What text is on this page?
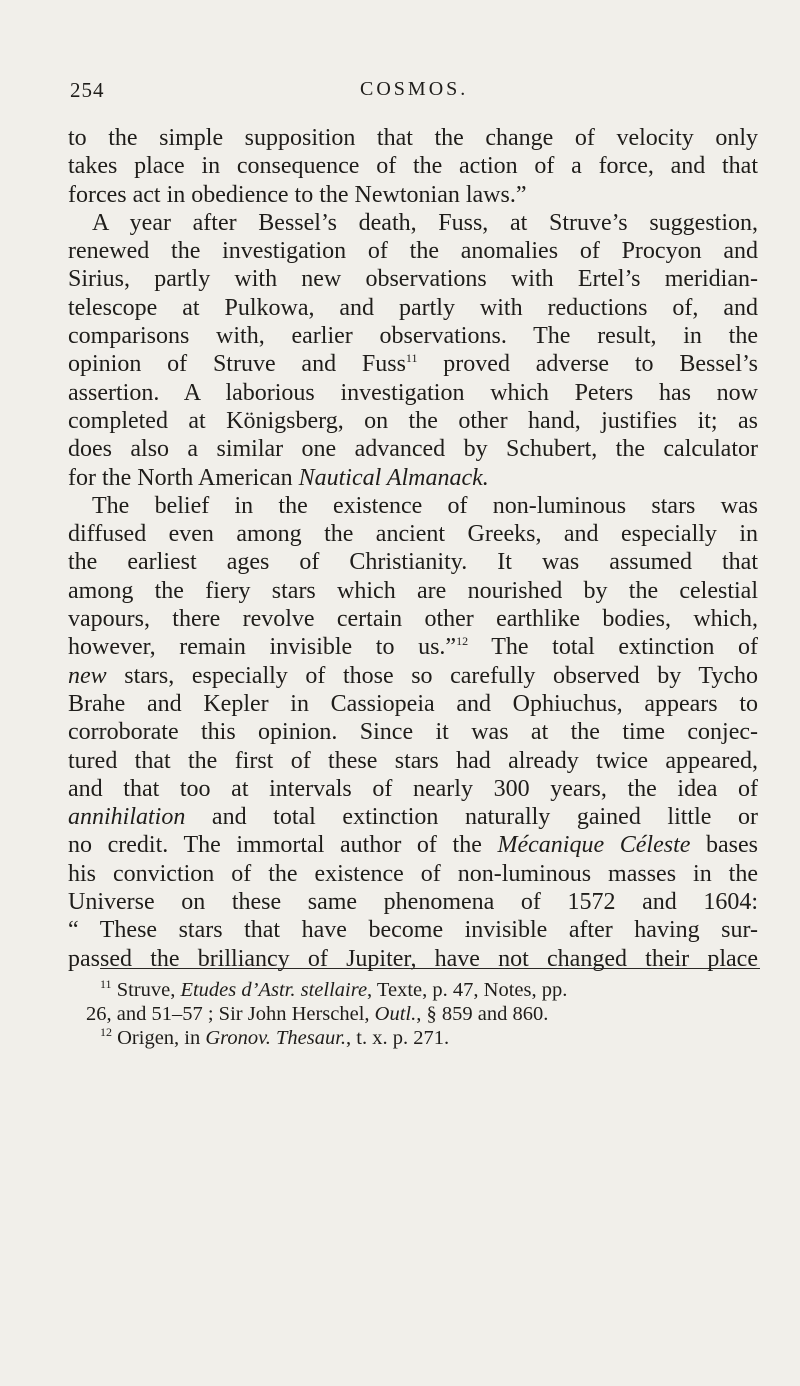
254	COSMOS.
to the simple supposition that the change of velocity only
takes place in consequence of the action of a force, and that
forces act in obedience to the Newtonian laws.”
A year after Bessel’s death, Fuss, at Struve’s suggestion,
renewed the investigation of the anomalies of Procyon and
Sirius, partly with new observations with Ertel’s meridian-
telescope at Pulkowa, and partly with reductions of, and
comparisons with, earlier observations. The result, in the
opinion of Struve and Fuss$^{11}$ proved adverse to Bessel’s
assertion. A laborious investigation which Peters has now
completed at Königsberg, on the other hand, justifies it; as
does also a similar one advanced by Schubert, the calculator
for the North American Nautical Almanack.
The belief in the existence of non-luminous stars was
diffused even among the ancient Greeks, and especially in
the earliest ages of Christianity. It was assumed that
among the fiery stars which are nourished by the celestial
vapours, there revolve certain other earthlike bodies, which,
however, remain invisible to us.”$^{12}$ The total extinction of
new stars, especially of those so carefully observed by Tycho
Brahe and Kepler in Cassiopeia and Ophiuchus, appears to
corroborate this opinion. Since it was at the time conjec-
tured that the first of these stars had already twice appeared,
and that too at intervals of nearly 300 years, the idea of
annihilation and total extinction naturally gained little or
no credit. The immortal author of the Mécanique Céleste bases
his conviction of the existence of non-luminous masses in the
Universe on these same phenomena of 1572 and 1604:
“ These stars that have become invisible after having sur-
passed the brilliancy of Jupiter, have not changed their place
$^{11}$ Struve, Etudes d’Astr. stellaire, Texte, p. 47, Notes, pp.
26, and 51–57 ; Sir John Herschel, Outl., § 859 and 860.
$^{12}$ Origen, in Gronov. Thesaur., t. x. p. 271.
